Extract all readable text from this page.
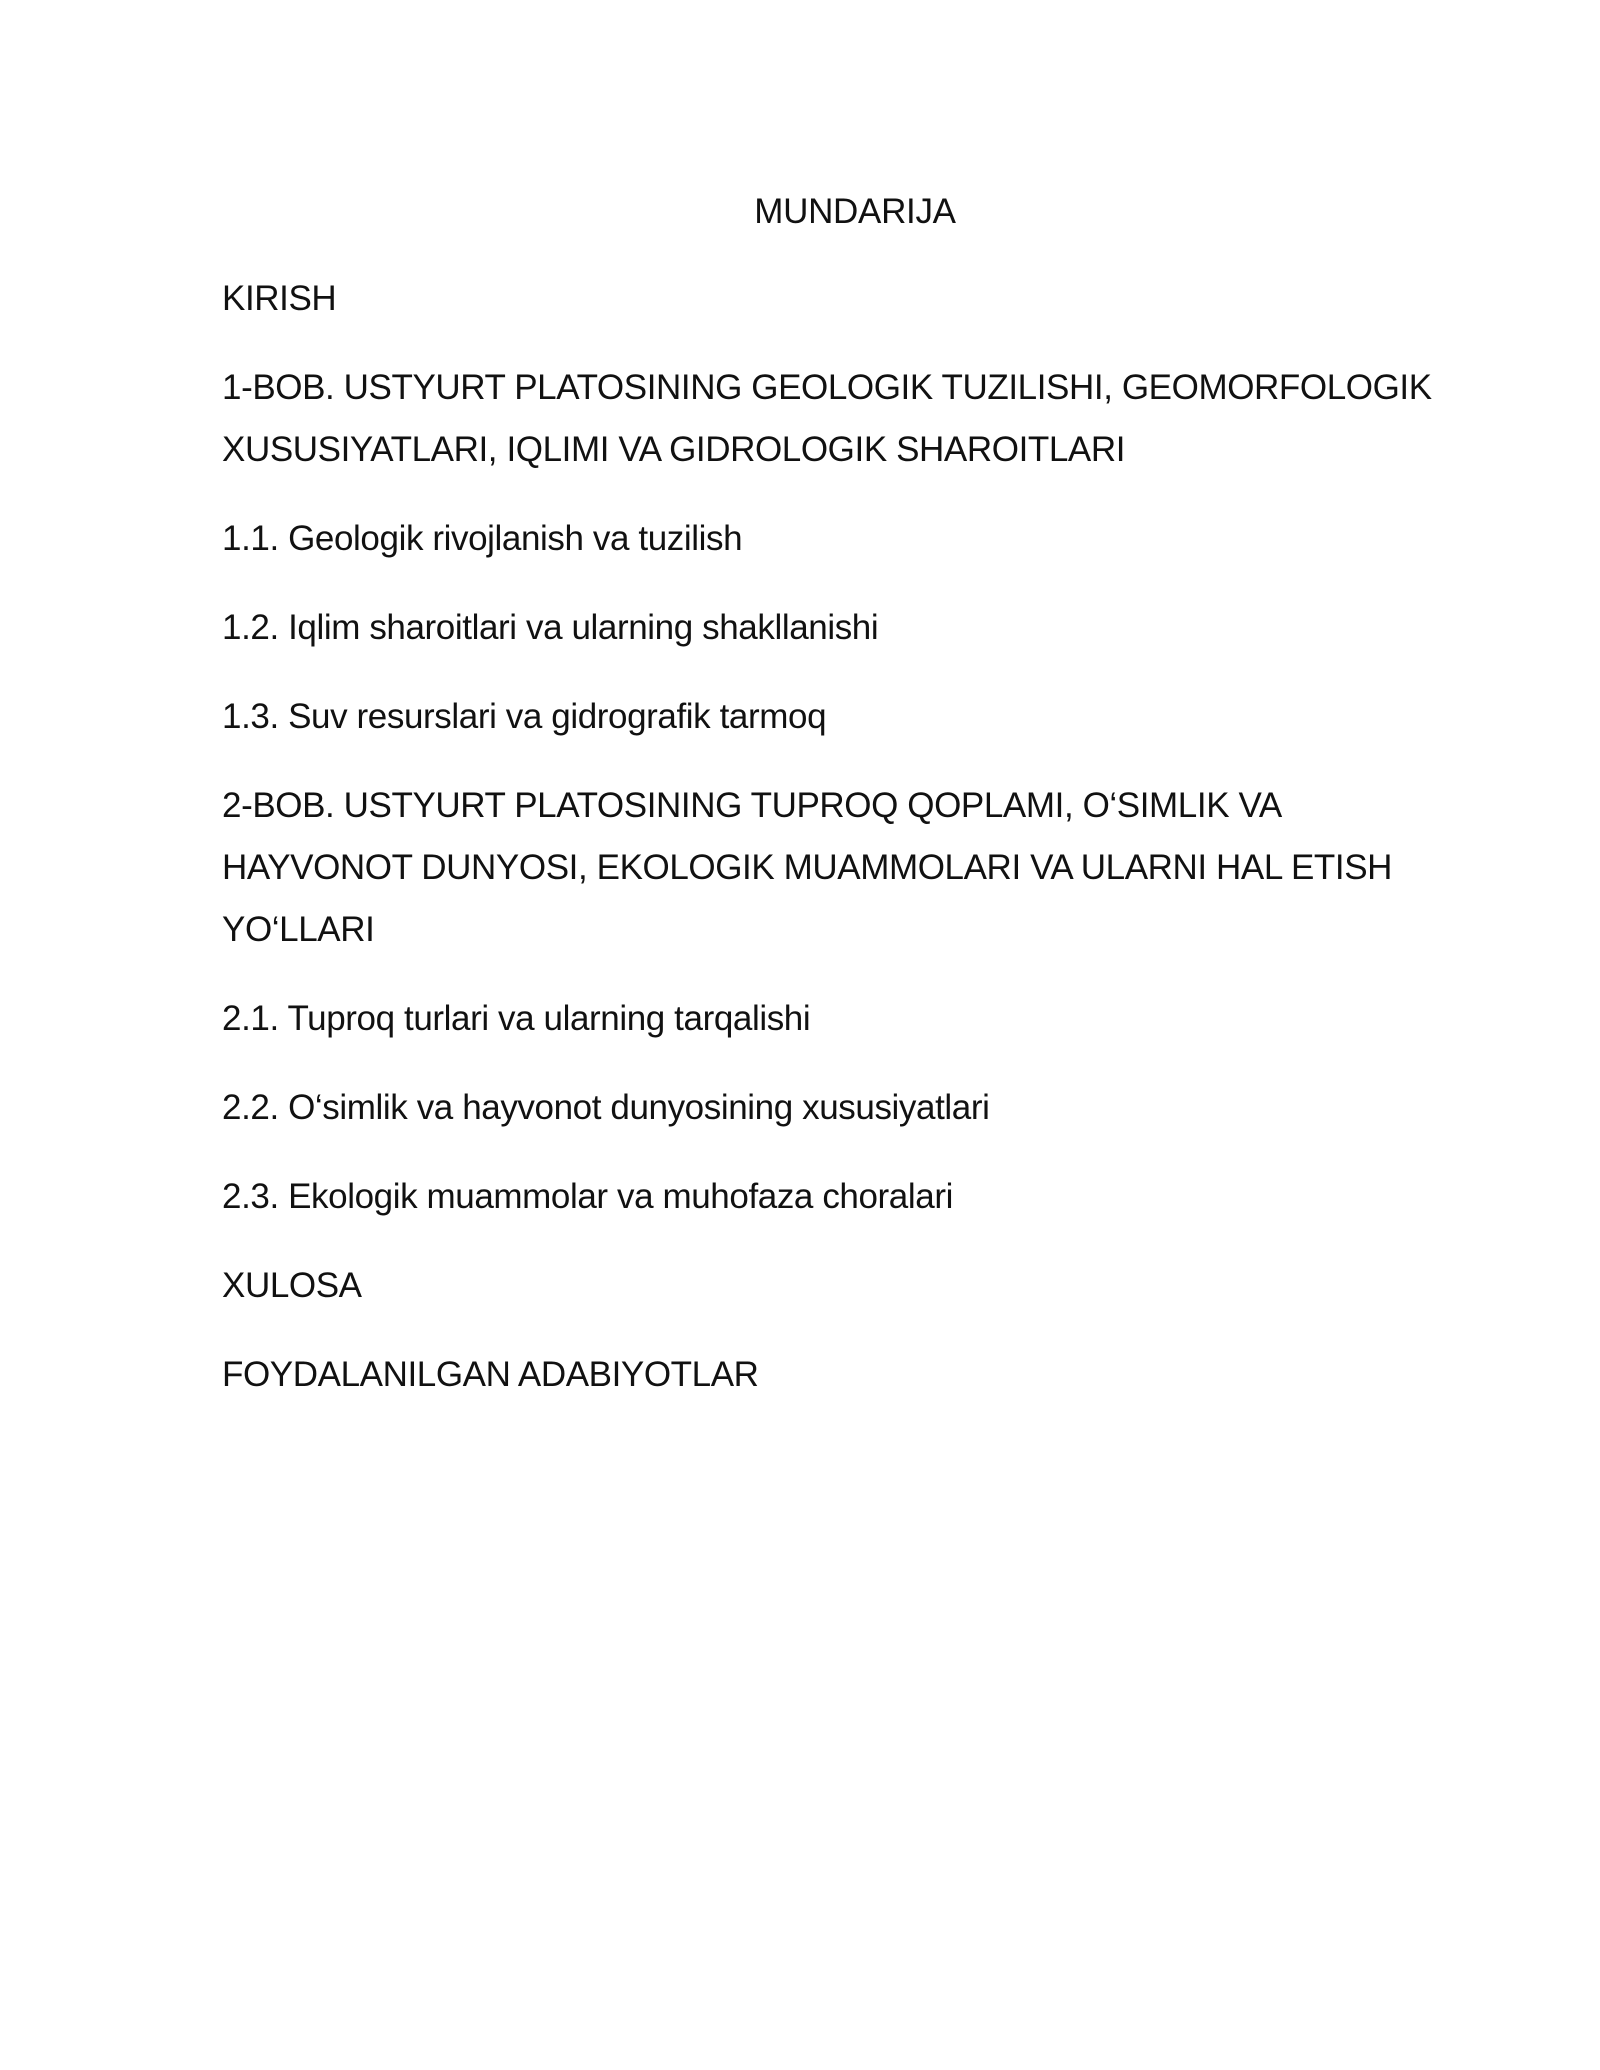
MUNDARIJA
KIRISH
1-BOB. USTYURT PLATOSINING GEOLOGIK TUZILISHI, GEOMORFOLOGIK XUSUSIYATLARI, IQLIMI VA GIDROLOGIK SHAROITLARI
1.1. Geologik rivojlanish va tuzilish
1.2. Iqlim sharoitlari va ularning shakllanishi
1.3. Suv resurslari va gidrografik tarmoq
2-BOB. USTYURT PLATOSINING TUPROQ QOPLAMI, O‘SIMLIK VA HAYVONOT DUNYOSI, EKOLOGIK MUAMMOLARI VA ULARNI HAL ETISH YO‘LLARI
2.1. Tuproq turlari va ularning tarqalishi
2.2. O‘simlik va hayvonot dunyosining xususiyatlari
2.3. Ekologik muammolar va muhofaza choralari
XULOSA
FOYDALANILGAN ADABIYOTLAR
